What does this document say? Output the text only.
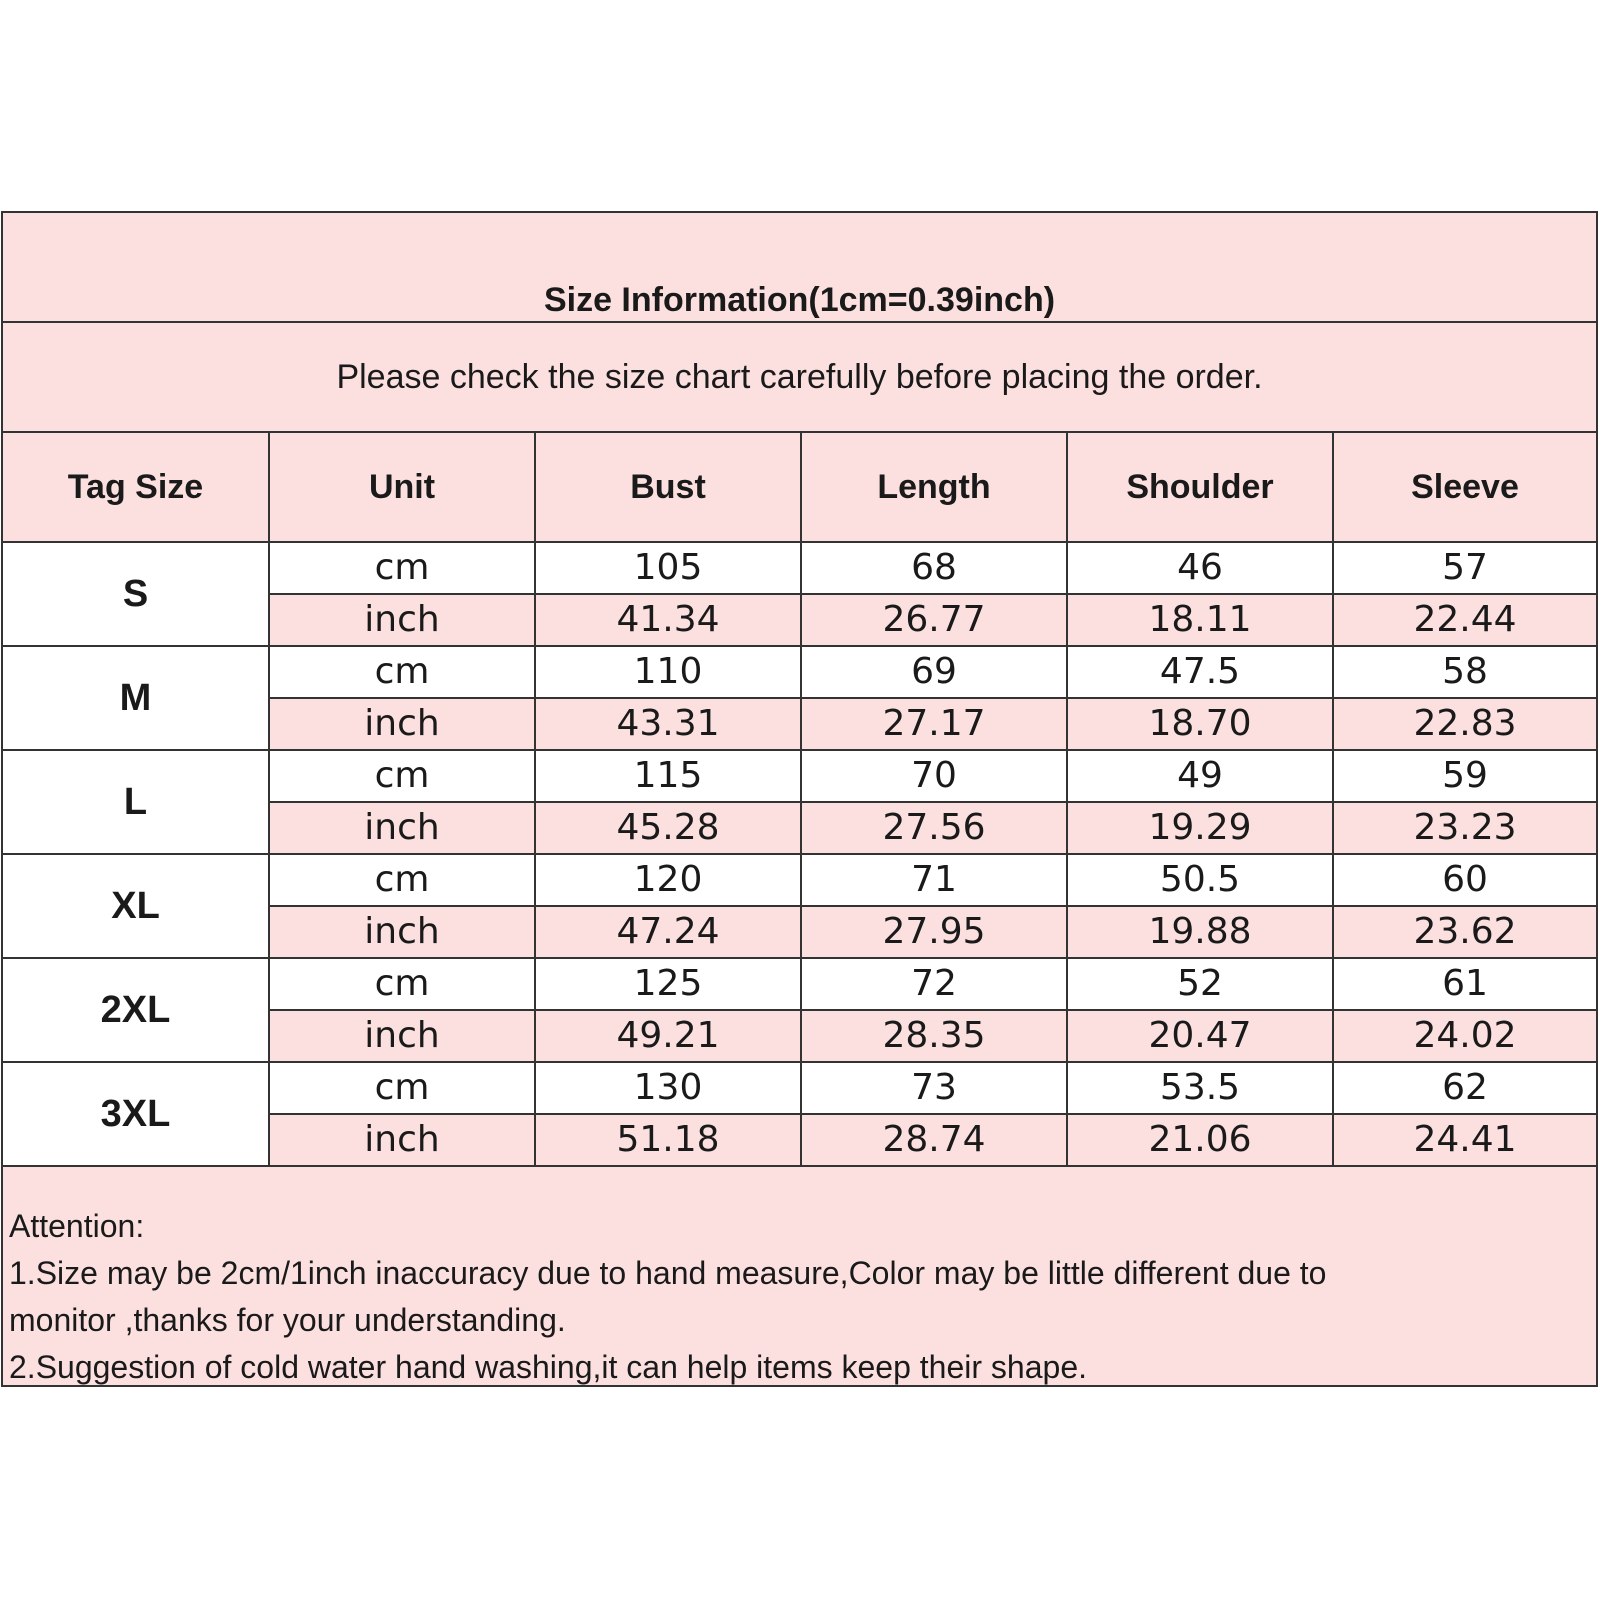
Size Information(1cm=0.39inch)
Please check the size chart carefully before placing the order.
Tag Size	Unit	Bust	Length	Shoulder	Sleeve
S	cm	105	68	46	57
	inch	41.34	26.77	18.11	22.44
M	cm	110	69	47.5	58
	inch	43.31	27.17	18.70	22.83
L	cm	115	70	49	59
	inch	45.28	27.56	19.29	23.23
XL	cm	120	71	50.5	60
	inch	47.24	27.95	19.88	23.62
2XL	cm	125	72	52	61
	inch	49.21	28.35	20.47	24.02
3XL	cm	130	73	53.5	62
	inch	51.18	28.74	21.06	24.41
Attention:
1.Size may be 2cm/1inch inaccuracy due to hand measure,Color may be little different due to
monitor ,thanks for your understanding.
2.Suggestion of cold water hand washing,it can help items keep their shape.
